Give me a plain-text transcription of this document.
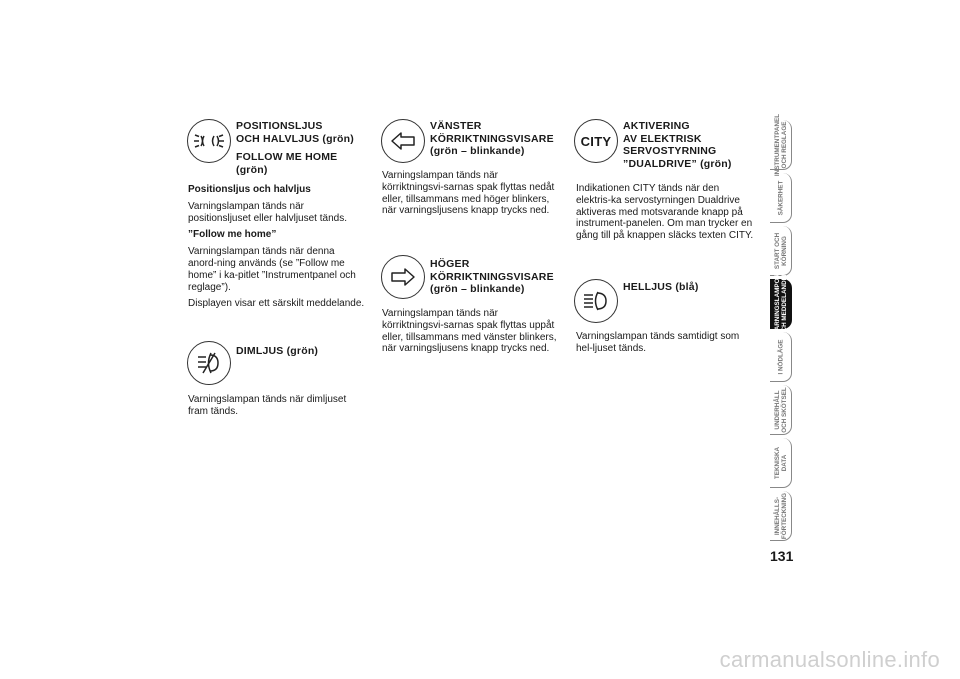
POSITIONSLJUS
OCH HALVLJUS (grön)
FOLLOW ME HOME
(grön)

Positionsljus och halvljus

Varningslampan tänds när positionsljuset eller halvljuset tänds.

”Follow me home”

Varningslampan tänds när denna anord-ning används (se ”Follow me home” i ka-pitlet ”Instrumentpanel och reglage”).

Displayen visar ett särskilt meddelande.

DIMLJUS (grön)

Varningslampan tänds när dimljuset fram tänds.

VÄNSTER
KÖRRIKTNINGSVISARE
(grön – blinkande)

Varningslampan tänds när körriktningsvi-sarnas spak flyttas nedåt eller, tillsammans med höger blinkers, när varningsljusens knapp trycks ned.

HÖGER
KÖRRIKTNINGSVISARE
(grön – blinkande)

Varningslampan tänds när körriktningsvi-sarnas spak flyttas uppåt eller, tillsammans med vänster blinkers, när varningsljusens knapp trycks ned.

CITY
AKTIVERING
AV ELEKTRISK
SERVOSTYRNING
”DUALDRIVE” (grön)

Indikationen CITY tänds när den elektris-ka servostyrningen Dualdrive aktiveras med motsvarande knapp på instrument-panelen. Om man trycker en gång till på knappen släcks texten CITY.

HELLJUS (blå)

Varningslampan tänds samtidigt som hel-ljuset tänds.

INSTRUMENTPANEL
OCH REGLAGE
SÄKERHET
START OCH
KÖRNING
VARNINGSLAMPOR
OCH MEDDELANDEN
I NÖDLÄGE
UNDERHÅLL
OCH SKÖTSEL
TEKNISKA
DATA
INNEHÅLLS-
FÖRTECKNING
131
carmanualsonline.info
